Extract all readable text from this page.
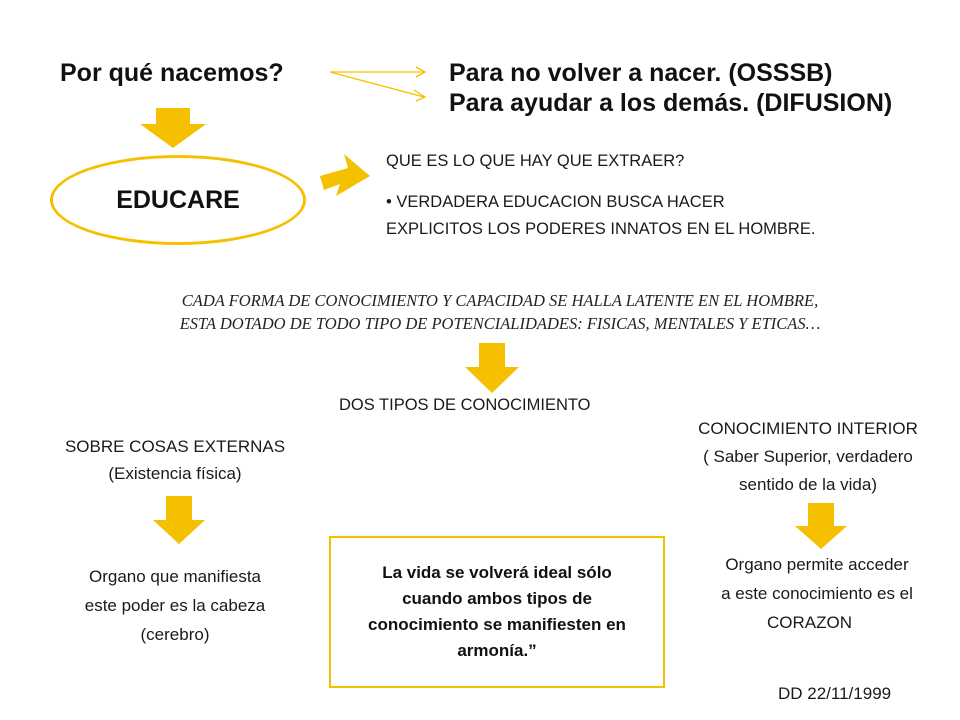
Por qué nacemos?	Para no volver a nacer. (OSSSB)
Para ayudar a los demás. (DIFUSION)
EDUCARE
QUE ES LO QUE HAY QUE EXTRAER?
• VERDADERA EDUCACION BUSCA HACER
EXPLICITOS LOS PODERES INNATOS EN EL HOMBRE.
CADA FORMA DE CONOCIMIENTO Y CAPACIDAD SE HALLA LATENTE EN EL HOMBRE,
ESTA DOTADO DE TODO TIPO DE POTENCIALIDADES: FISICAS, MENTALES Y ETICAS…
DOS TIPOS DE CONOCIMIENTO
SOBRE COSAS EXTERNAS
(Existencia física)
Organo que manifiesta
este poder es la cabeza
(cerebro)
CONOCIMIENTO INTERIOR
( Saber Superior, verdadero
sentido de la vida)
Organo permite acceder
a este conocimiento es el
CORAZON
La vida se volverá ideal sólo
cuando ambos tipos de
conocimiento se manifiesten en
armonía.”
DD 22/11/1999
